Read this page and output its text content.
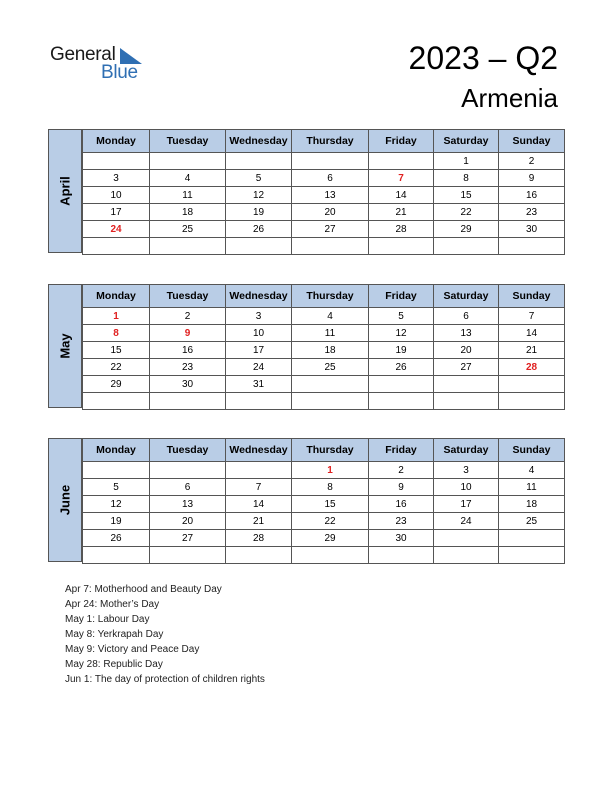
General
Blue	2023 – Q2
Armenia
April
Monday	Tuesday	Wednesday	Thursday	Friday	Saturday	Sunday
					1	2
3	4	5	6	7	8	9
10	11	12	13	14	15	16
17	18	19	20	21	22	23
24	25	26	27	28	29	30

May
Monday	Tuesday	Wednesday	Thursday	Friday	Saturday	Sunday
1	2	3	4	5	6	7
8	9	10	11	12	13	14
15	16	17	18	19	20	21
22	23	24	25	26	27	28
29	30	31				

June
Monday	Tuesday	Wednesday	Thursday	Friday	Saturday	Sunday
			1	2	3	4
5	6	7	8	9	10	11
12	13	14	15	16	17	18
19	20	21	22	23	24	25
26	27	28	29	30		

Apr 7: Motherhood and Beauty Day
Apr 24: Mother’s Day
May 1: Labour Day
May 8: Yerkrapah Day
May 9: Victory and Peace Day
May 28: Republic Day
Jun 1: The day of protection of children rights
